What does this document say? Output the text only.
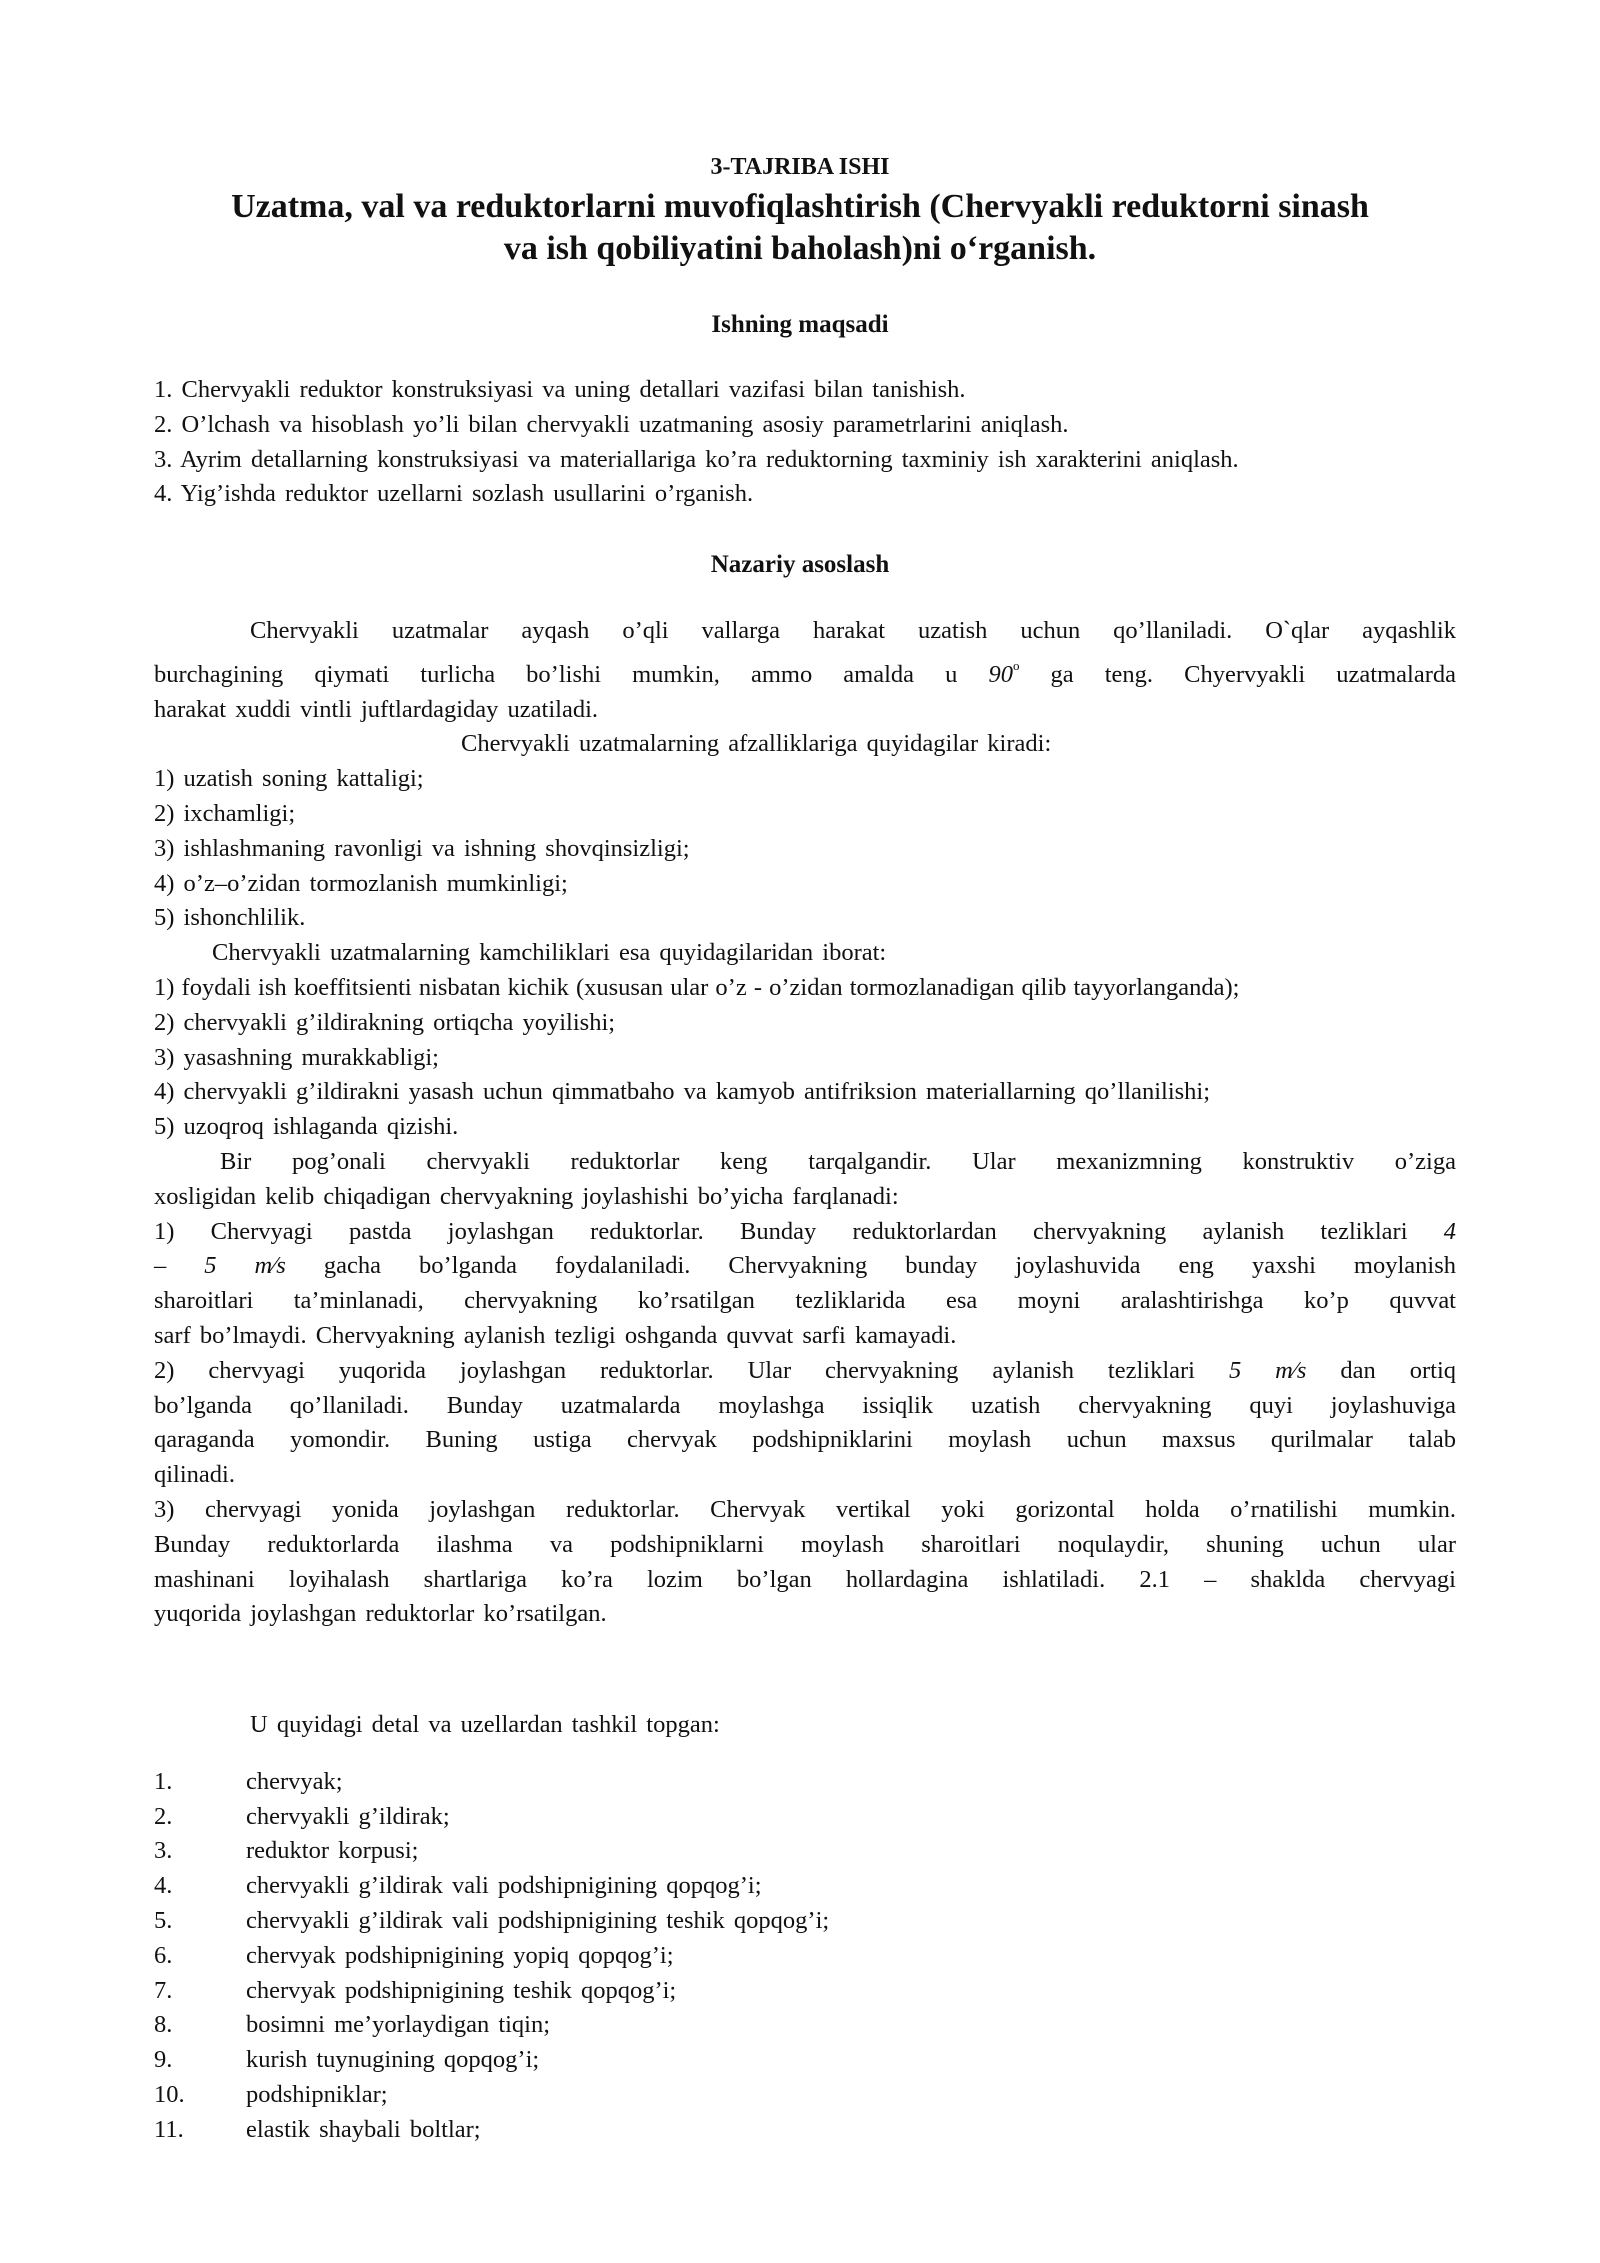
3-TAJRIBA ISHI
Uzatma, val va reduktorlarni muvofiqlashtirish (Chervyakli reduktorni sinash
va ish qobiliyatini baholash)ni o‘rganish.
Ishning maqsadi
1. Chervyakli reduktor konstruksiyasi va uning detallari vazifasi bilan tanishish.
2. O’lchash va hisoblash yo’li bilan chervyakli uzatmaning asosiy parametrlarini aniqlash.
3. Ayrim detallarning konstruksiyasi va materiallariga ko’ra reduktorning taxminiy ish xarakterini aniqlash.
4. Yig’ishda reduktor uzellarni sozlash usullarini o’rganish.
Nazariy asoslash
Chervyakli uzatmalar ayqash o’qli vallarga harakat uzatish uchun qo’llaniladi. O`qlar ayqashlik
burchagining qiymati turlicha bo’lishi mumkin, ammo amalda u 90$^o$ ga teng. Chyervyakli uzatmalarda
harakat xuddi vintli juftlardagiday uzatiladi.
Chervyakli uzatmalarning afzalliklariga quyidagilar kiradi:
1) uzatish soning kattaligi;
2) ixchamligi;
3) ishlashmaning ravonligi va ishning shovqinsizligi;
4) o’z–o’zidan tormozlanish mumkinligi;
5) ishonchlilik.
Chervyakli uzatmalarning kamchiliklari esa quyidagilaridan iborat:
1) foydali ish koeffitsienti nisbatan kichik (xususan ular o’z - o’zidan tormozlanadigan qilib tayyorlanganda);
2) chervyakli g’ildirakning ortiqcha yoyilishi;
3) yasashning murakkabligi;
4) chervyakli g’ildirakni yasash uchun qimmatbaho va kamyob antifriksion materiallarning qo’llanilishi;
5) uzoqroq ishlaganda qizishi.
Bir pog’onali chervyakli reduktorlar keng tarqalgandir. Ular mexanizmning konstruktiv o’ziga
xosligidan kelib chiqadigan chervyakning joylashishi bo’yicha farqlanadi:
1) Chervyagi pastda joylashgan reduktorlar. Bunday reduktorlardan chervyakning aylanish tezliklari 4
– 5 m⁄s gacha bo’lganda foydalaniladi. Chervyakning bunday joylashuvida eng yaxshi moylanish
sharoitlari ta’minlanadi, chervyakning ko’rsatilgan tezliklarida esa moyni aralashtirishga ko’p quvvat
sarf bo’lmaydi. Chervyakning aylanish tezligi oshganda quvvat sarfi kamayadi.
2) chervyagi yuqorida joylashgan reduktorlar. Ular chervyakning aylanish tezliklari 5 m⁄s dan ortiq
bo’lganda qo’llaniladi. Bunday uzatmalarda moylashga issiqlik uzatish chervyakning quyi joylashuviga
qaraganda yomondir. Buning ustiga chervyak podshipniklarini moylash uchun maxsus qurilmalar talab
qilinadi.
3) chervyagi yonida joylashgan reduktorlar. Chervyak vertikal yoki gorizontal holda o’rnatilishi mumkin.
Bunday reduktorlarda ilashma va podshipniklarni moylash sharoitlari noqulaydir, shuning uchun ular
mashinani loyihalash shartlariga ko’ra lozim bo’lgan hollardagina ishlatiladi. 2.1 – shaklda chervyagi
yuqorida joylashgan reduktorlar ko’rsatilgan.
U quyidagi detal va uzellardan tashkil topgan:
1.	chervyak;
2.	chervyakli g’ildirak;
3.	reduktor korpusi;
4.	chervyakli g’ildirak vali podshipnigining qopqog’i;
5.	chervyakli g’ildirak vali podshipnigining teshik qopqog’i;
6.	chervyak podshipnigining yopiq qopqog’i;
7.	chervyak podshipnigining teshik qopqog’i;
8.	bosimni me’yorlaydigan tiqin;
9.	kurish tuynugining qopqog’i;
10.	podshipniklar;
11.	elastik shaybali boltlar;
